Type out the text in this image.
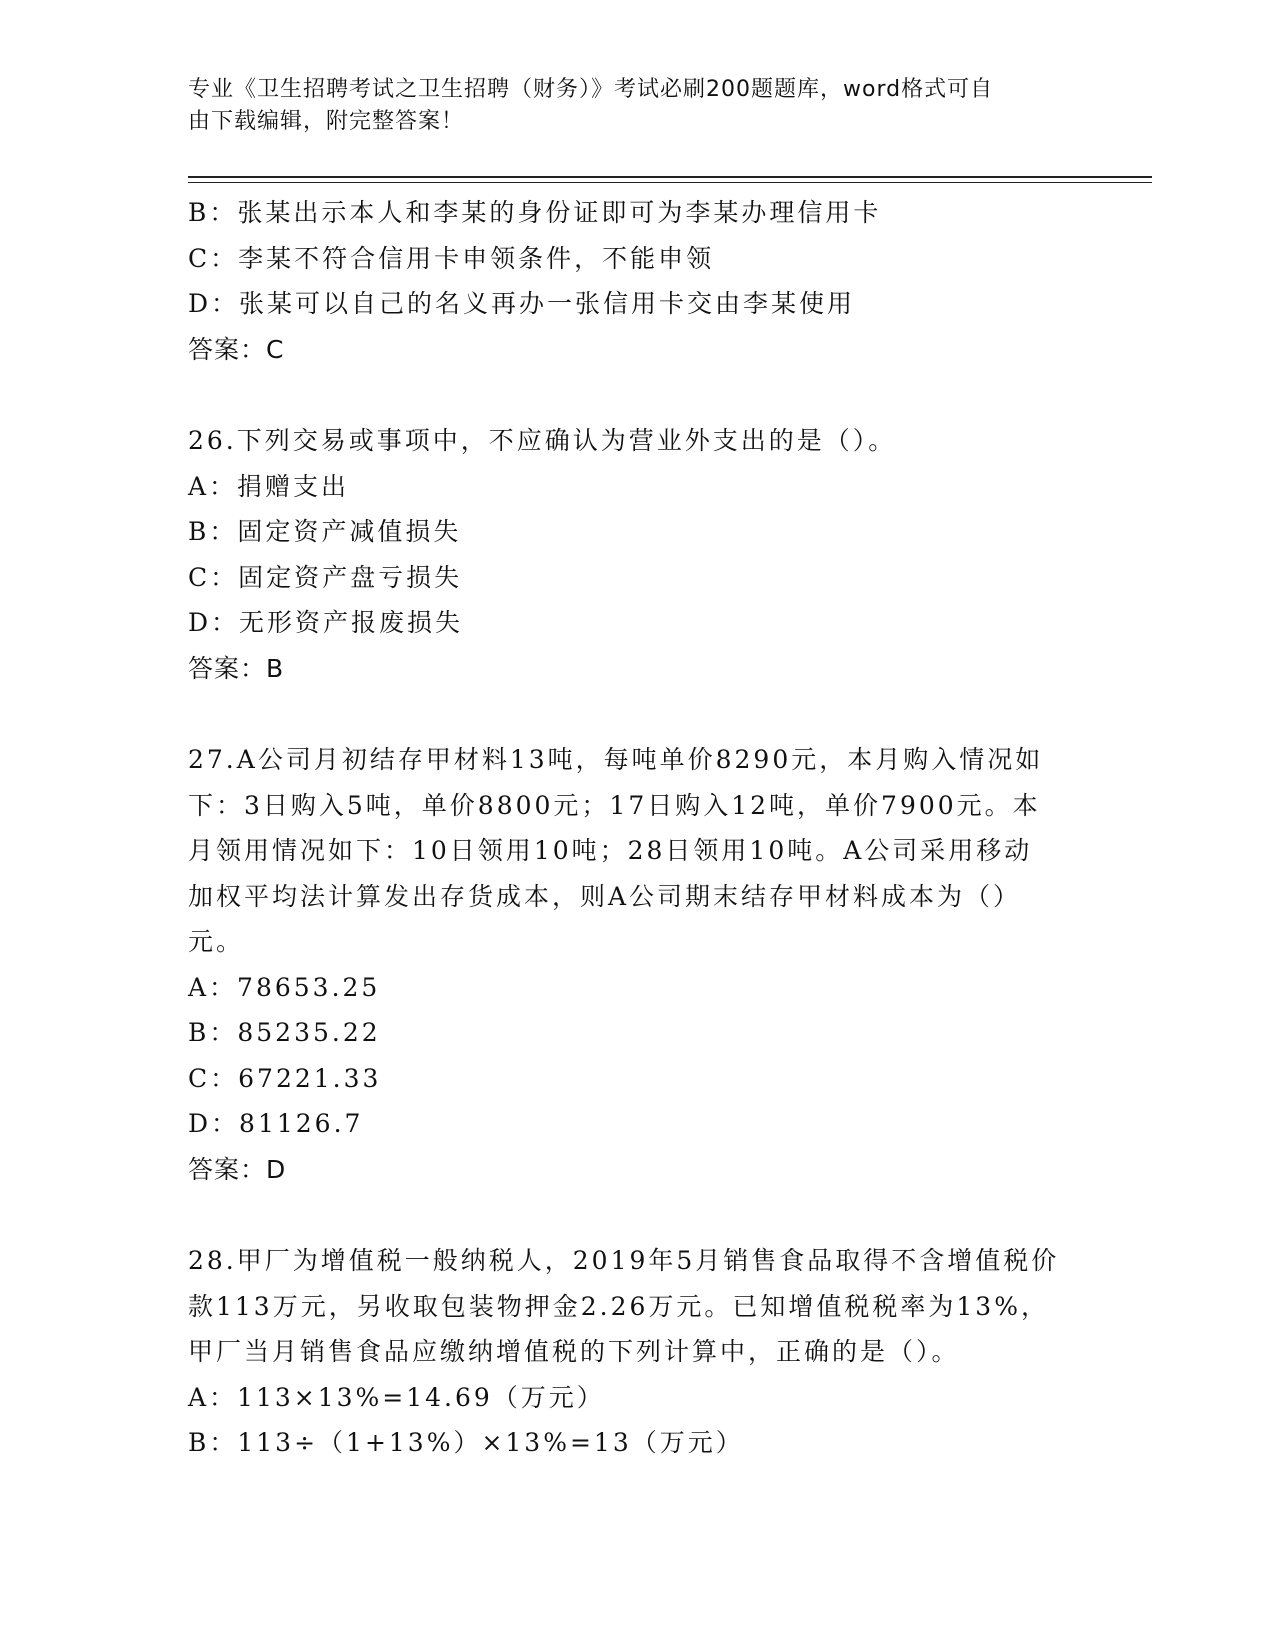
专业《卫生招聘考试之卫生招聘（财务）》考试必刷200题题库，word格式可自
由下载编辑，附完整答案！
B：张某出示本人和李某的身份证即可为李某办理信用卡
C：李某不符合信用卡申领条件，不能申领
D：张某可以自己的名义再办一张信用卡交由李某使用
答案：C
26.下列交易或事项中，不应确认为营业外支出的是（）。
A：捐赠支出
B：固定资产减值损失
C：固定资产盘亏损失
D：无形资产报废损失
答案：B
27.A公司月初结存甲材料13吨，每吨单价8290元，本月购入情况如
下：3日购入5吨，单价8800元；17日购入12吨，单价7900元。本
月领用情况如下：10日领用10吨；28日领用10吨。A公司采用移动
加权平均法计算发出存货成本，则A公司期末结存甲材料成本为（）
元。
A：78653.25
B：85235.22
C：67221.33
D：81126.7
答案：D
28.甲厂为增值税一般纳税人，2019年5月销售食品取得不含增值税价
款113万元，另收取包装物押金2.26万元。已知增值税税率为13%，
甲厂当月销售食品应缴纳增值税的下列计算中，正确的是（）。
A：113×13%=14.69（万元）
B：113÷（1+13%）×13%=13（万元）
